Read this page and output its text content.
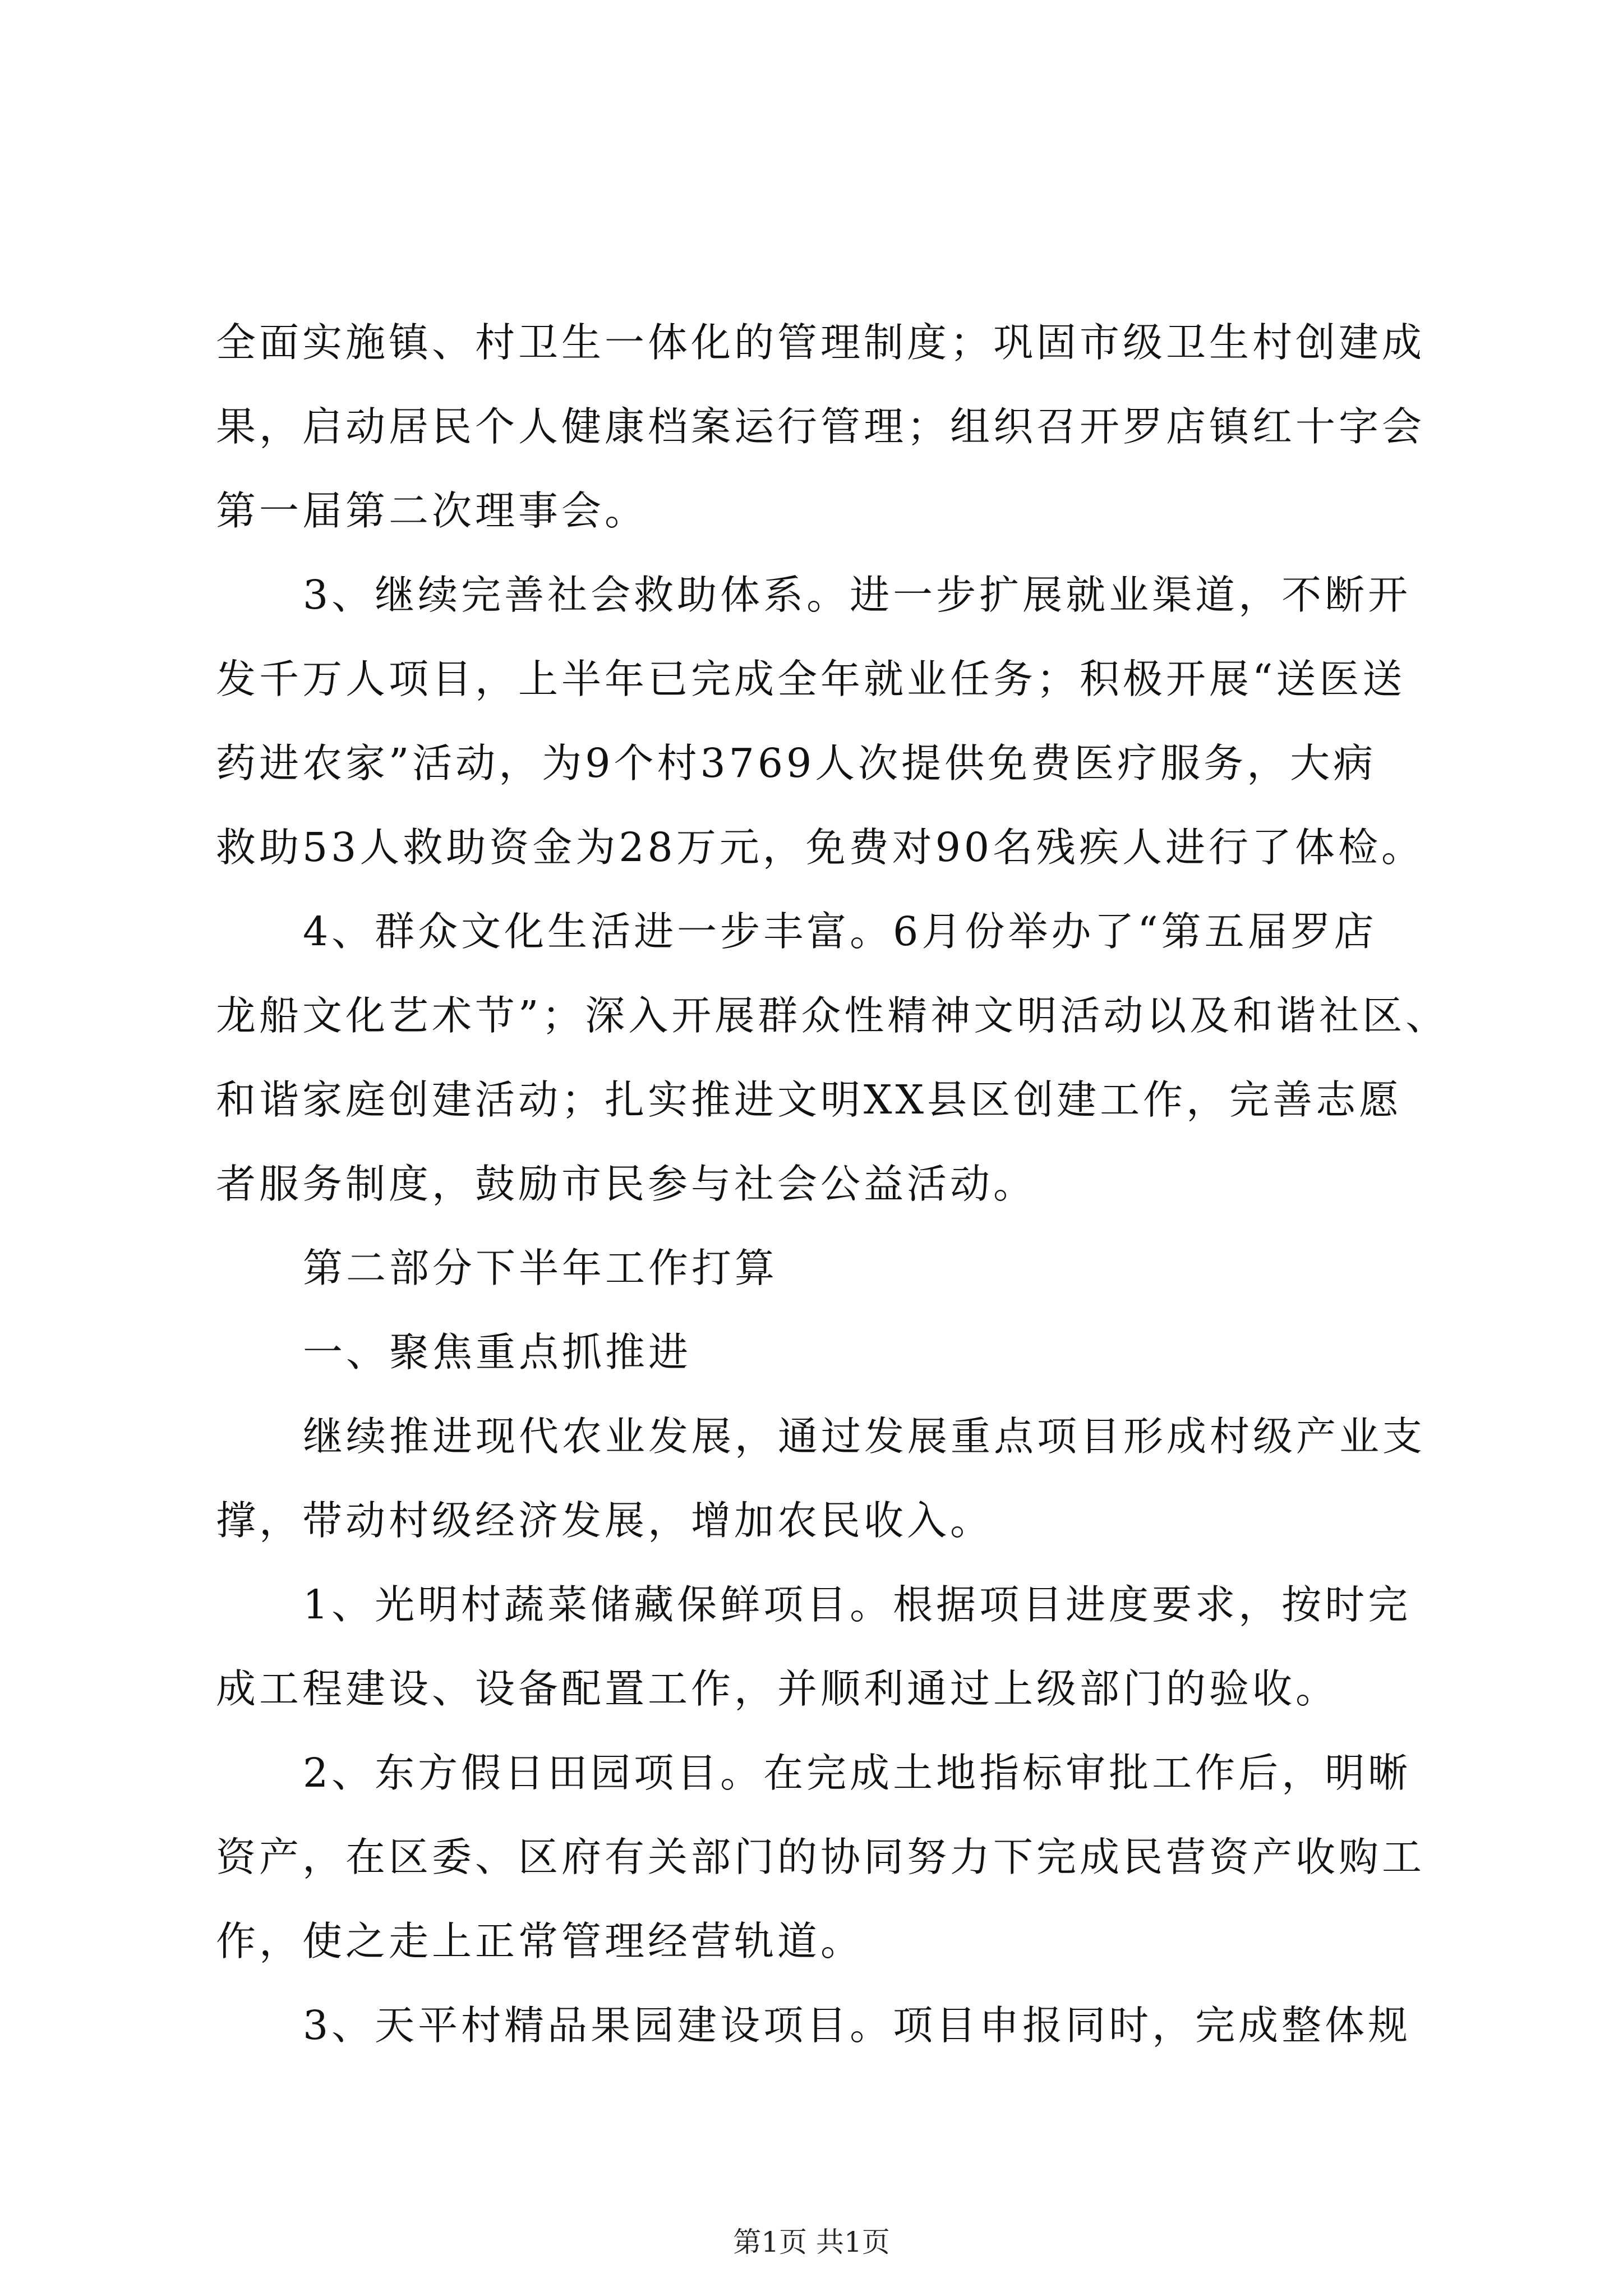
全面实施镇、村卫生一体化的管理制度；巩固市级卫生村创建成
果，启动居民个人健康档案运行管理；组织召开罗店镇红十字会
第一届第二次理事会。
3、继续完善社会救助体系。进一步扩展就业渠道，不断开
发千万人项目，上半年已完成全年就业任务；积极开展“送医送
药进农家”活动，为9个村3769人次提供免费医疗服务，大病
救助53人救助资金为28万元，免费对90名残疾人进行了体检。
4、群众文化生活进一步丰富。6月份举办了“第五届罗店
龙船文化艺术节”；深入开展群众性精神文明活动以及和谐社区、
和谐家庭创建活动；扎实推进文明XX县区创建工作，完善志愿
者服务制度，鼓励市民参与社会公益活动。
第二部分下半年工作打算
一、聚焦重点抓推进
继续推进现代农业发展，通过发展重点项目形成村级产业支
撑，带动村级经济发展，增加农民收入。
1、光明村蔬菜储藏保鲜项目。根据项目进度要求，按时完
成工程建设、设备配置工作，并顺利通过上级部门的验收。
2、东方假日田园项目。在完成土地指标审批工作后，明晰
资产，在区委、区府有关部门的协同努力下完成民营资产收购工
作，使之走上正常管理经营轨道。
3、天平村精品果园建设项目。项目申报同时，完成整体规
第1页 共1页
